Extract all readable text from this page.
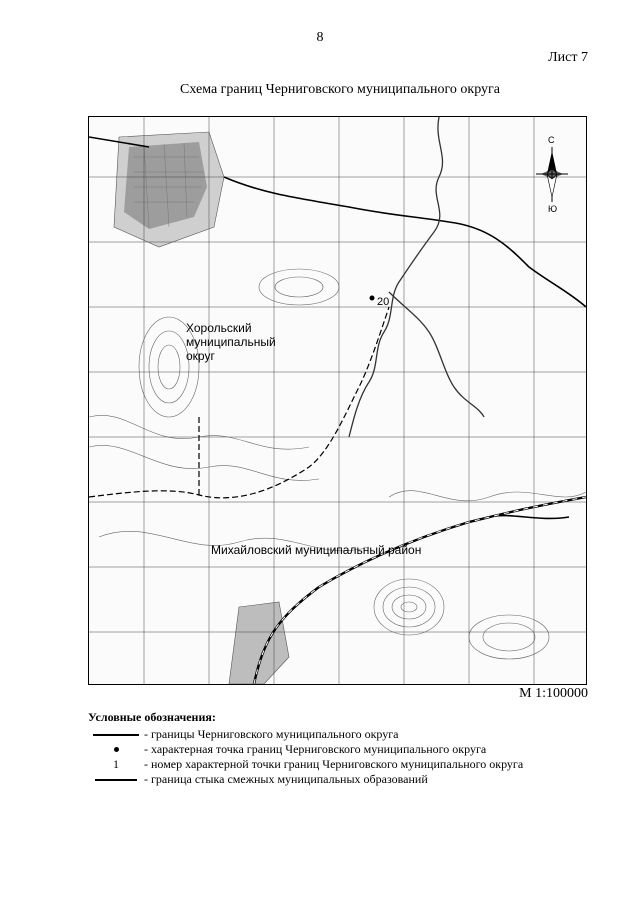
8
Лист 7
Схема границ Черниговского муниципального округа
20
С
Ю
Хорольский муниципальный округ
Михайловский муниципальный район
М 1:100000
Условные обозначения:
- границы Черниговского муниципального округа
- характерная точка границ Черниговского муниципального округа
1 - номер характерной точки границ Черниговского муниципального округа
- граница стыка смежных муниципальных образований
